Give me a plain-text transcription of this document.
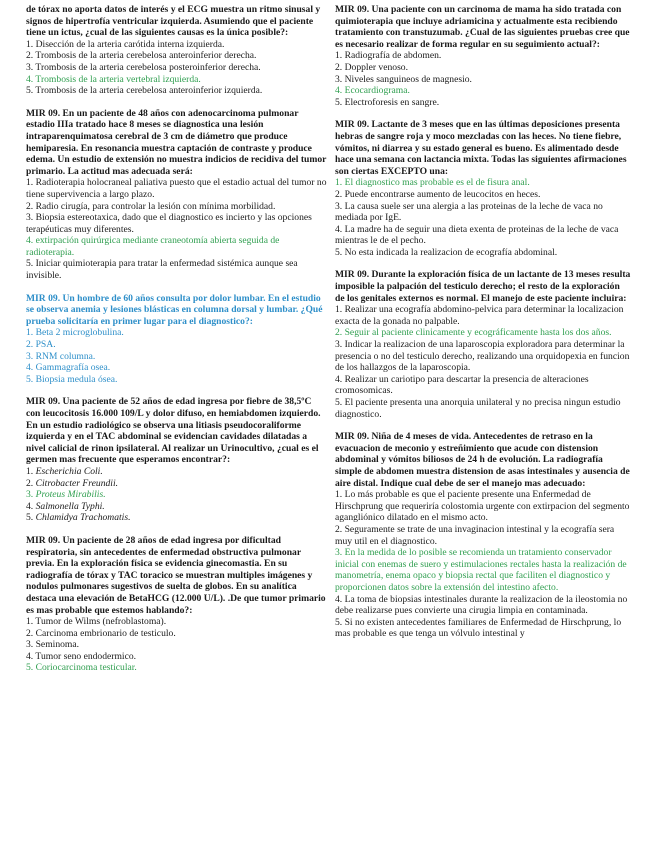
de tórax no aporta datos de interés y el ECG muestra un ritmo sinusal y signos de hipertrofía ventricular izquierda. Asumiendo que el paciente tiene un ictus, ¿cual de las siguientes causas es la única posible?:

1. Disección de la arteria carótida interna izquierda.

2. Trombosis de la arteria cerebelosa anteroinferior derecha.

3. Trombosis de la arteria cerebelosa posteroinferior derecha.

4. Trombosis de la arteria vertebral izquierda.

5. Trombosis de la arteria cerebelosa anteroinferior izquierda.

MIR 09. En un paciente de 48 años con adenocarcinoma pulmonar estadio IIIa tratado hace 8 meses se diagnostica una lesión intraparenquimatosa cerebral de 3 cm de diámetro que produce hemiparesia. En resonancia muestra captación de contraste y produce edema. Un estudio de extensión no muestra indicios de recidiva del tumor primario. La actitud mas adecuada será:

1. Radioterapia holocraneal paliativa puesto que el estadio actual del tumor no tiene supervivencia a largo plazo.

2. Radio cirugía, para controlar la lesión con mínima morbilidad.

3. Biopsia estereotaxica, dado que el diagnostico es incierto y las opciones terapéuticas muy diferentes.

4. extirpación quirúrgica mediante craneotomía abierta seguida de radioterapia.

5. Iniciar quimioterapia para tratar la enfermedad sistémica aunque sea invisible.

MIR 09. Un hombre de 60 años consulta por dolor lumbar. En el estudio se observa anemia y lesiones blásticas en columna dorsal y lumbar. ¿Qué prueba solicitaría en primer lugar para el diagnostico?:

1. Beta 2 microglobulina.

2. PSA.

3. RNM columna.

4. Gammagrafía osea.

5. Biopsia medula ósea.

MIR 09. Una paciente de 52 años de edad ingresa por fiebre de 38,5ºC con leucocitosis 16.000 109/L y dolor difuso, en hemiabdomen izquierdo. En un estudio radiológico se observa una litiasis pseudocoraliforme izquierda y en el TAC abdominal se evidencian cavidades dilatadas a nivel calicial de rinon ipsilateral. Al realizar un Urinocultivo, ¿cual es el germen mas frecuente que esperamos encontrar?:

1. Escherichia Coli.

2. Citrobacter Freundii.

3. Proteus Mirabilis.

4. Salmonella Typhi.

5. Chlamidya Trachomatis.

MIR 09. Un paciente de 28 años de edad ingresa por dificultad respiratoria, sin antecedentes de enfermedad obstructiva pulmonar previa. En la exploración física se evidencia ginecomastia. En su radiografía de tórax y TAC toracico se muestran multiples imágenes y nodulos pulmonares sugestivos de suelta de globos. En su analítica destaca una elevación de BetaHCG (12.000 U/L). .De que tumor primario es mas probable que estemos hablando?:

1. Tumor de Wilms (nefroblastoma).

2. Carcinoma embrionario de testiculo.

3. Seminoma.

4. Tumor seno endodermico.

5. Coriocarcinoma testicular.

MIR 09. Una paciente con un carcinoma de mama ha sido tratada con quimioterapia que incluye adriamicina y actualmente esta recibiendo tratamiento con transtuzumab. ¿Cual de las siguientes pruebas cree que es necesario realizar de forma regular en su seguimiento actual?:

1. Radiografía de abdomen.

2. Doppler venoso.

3. Niveles sanguineos de magnesio.

4. Ecocardiograma.

5. Electroforesis en sangre.

MIR 09. Lactante de 3 meses que en las últimas deposiciones presenta hebras de sangre roja y moco mezcladas con las heces. No tiene fiebre, vómitos, ni diarrea y su estado general es bueno. Es alimentado desde hace una semana con lactancia mixta. Todas las siguientes afirmaciones son ciertas EXCEPTO una:

1. El diagnostico mas probable es el de fisura anal.

2. Puede encontrarse aumento de leucocitos en heces.

3. La causa suele ser una alergia a las proteinas de la leche de vaca no mediada por IgE.

4. La madre ha de seguir una dieta exenta de proteinas de la leche de vaca mientras le de el pecho.

5. No esta indicada la realizacion de ecografía abdominal.

MIR 09. Durante la exploración física de un lactante de 13 meses resulta imposible la palpación del testiculo derecho; el resto de la exploración de los genitales externos es normal. El manejo de este paciente incluira:

1. Realizar una ecografía abdomino-pelvica para determinar la localizacion exacta de la gonada no palpable.

2. Seguir al paciente clinicamente y ecográficamente hasta los dos años.

3. Indicar la realizacion de una laparoscopia exploradora para determinar la presencia o no del testiculo derecho, realizando una orquidopexia en funcion de los hallazgos de la laparoscopia.

4. Realizar un cariotipo para descartar la presencia de alteraciones cromosomicas.

5. El paciente presenta una anorquia unilateral y no precisa ningun estudio diagnostico.

MIR 09. Niña de 4 meses de vida. Antecedentes de retraso en la evacuacion de meconio y estreñimiento que acude con distension abdominal y vómitos biliosos de 24 h de evolución. La radiografía simple de abdomen muestra distension de asas intestinales y ausencia de aire distal. Indique cual debe de ser el manejo mas adecuado:

1. Lo más probable es que el paciente presente una Enfermedad de Hirschprung que requeriría colostomia urgente con extirpacion del segmento agangliónico dilatado en el mismo acto.

2. Seguramente se trate de una invaginacion intestinal y la ecografía sera muy util en el diagnostico.

3. En la medida de lo posible se recomienda un tratamiento conservador inicial con enemas de suero y estimulaciones rectales hasta la realización de manometría, enema opaco y biopsia rectal que faciliten el diagnostico y proporcionen datos sobre la extensión del intestino afecto.

4. La toma de biopsias intestinales durante la realizacion de la ileostomia no debe realizarse pues convierte una cirugia limpia en contaminada.

5. Si no existen antecedentes familiares de Enfermedad de Hirschprung, lo mas probable es que tenga un vólvulo intestinal y
